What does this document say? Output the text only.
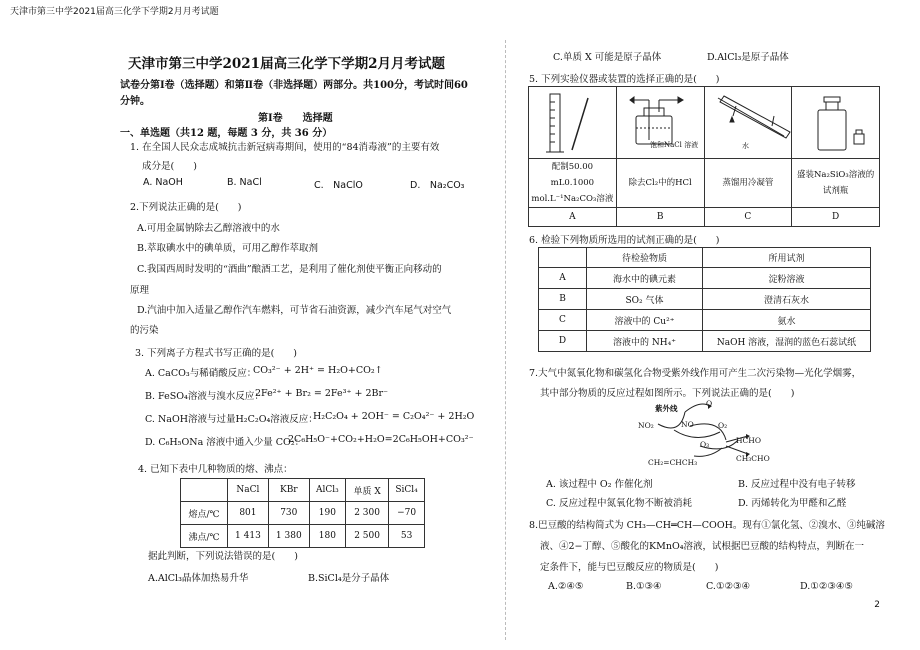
天津市第三中学2021届高三化学下学期2月月考试题
天津市第三中学2021届高三化学下学期2月月考试题
试卷分第Ⅰ卷（选择题）和第Ⅱ卷（非选择题）两部分。共100分，考试时间60
分钟。
第Ⅰ卷　　选择题
一、单选题（共12 题，每题 3 分，共 36 分）
1. 在全国人民众志成城抗击新冠病毒期间，使用的“84消毒液”的主要有效
成分是(　　)
A. NaOH	B. NaCl	C.　NaClO	D.　Na₂CO₃
2.下列说法正确的是(　　)
A.可用金属钠除去乙醇溶液中的水
B.萃取碘水中的碘单质，可用乙醇作萃取剂
C.我国西周时发明的“酒曲”酿酒工艺，是利用了催化剂使平衡正向移动的
原理
D.汽油中加入适量乙醇作汽车燃料，可节省石油资源，减少汽车尾气对空气
的污染
3. 下列离子方程式书写正确的是(　　)
A. CaCO₃与稀硝酸反应：
CO₃²⁻ + 2H⁺ = H₂O+CO₂↑
B. FeSO₄溶液与溴水反应：
2Fe²⁺ + Br₂ = 2Fe³⁺ + 2Br⁻
C. NaOH溶液与过量H₂C₂O₄溶液反应：
H₂C₂O₄ + 2OH⁻ = C₂O₄²⁻ + 2H₂O
D. C₆H₅ONa 溶液中通入少量 CO₂：
2C₆H₅O⁻+CO₂+H₂O=2C₆H₅OH+CO₃²⁻
4. 已知下表中几种物质的熔、沸点：
	NaCl	KBr	AlCl₃	单质 X	SiCl₄
熔点/℃	801	730	190	2 300	−70
沸点/℃	1 413	1 380	180	2 500	53
据此判断，下列说法错误的是(　　)
A.AlCl₃晶体加热易升华	B.SiCl₄是分子晶体
C.单质 X 可能是原子晶体	D.AlCl₃是原子晶体
5. 下列实验仪器或装置的选择正确的是(　　)

配制50.00 mL0.1000
mol.L⁻¹Na₂CO₃溶液	除去Cl₂中的HCl	蒸馏用冷凝管	盛装Na₂SiO₃溶液的
试剂瓶
A	B	C	D
饱和NaCl 溶液	水
6. 检验下列物质所选用的试剂正确的是(　　)
	待检验物质	所用试剂
A	海水中的碘元素	淀粉溶液
B	SO₂ 气体	澄清石灰水
C	溶液中的 Cu²⁺	氨水
D	溶液中的 NH₄⁺	NaOH 溶液，湿润的蓝色石蕊试纸
7.大气中氮氧化物和碳氢化合物受紫外线作用可产生二次污染物—光化学烟雾，
其中部分物质的反应过程如图所示。下列说法正确的是(　　)
紫外线
O
NO₂	NO	O₂
O₃	HCHO
CH₃CHO
CH₂=CHCH₃
A. 该过程中 O₂ 作催化剂	B. 反应过程中没有电子转移
C. 反应过程中氮氧化物不断被消耗	D. 丙烯转化为甲醛和乙醛
8.巴豆酸的结构简式为 CH₃—CH═CH—COOH。现有①氯化氢、②溴水、③纯碱溶
液、④2−丁醇、⑤酸化的KMnO₄溶液，试根据巴豆酸的结构特点，判断在一
定条件下，能与巴豆酸反应的物质是(　　)
A.②④⑤	B.①③④	C.①②③④	D.①②③④⑤
2
